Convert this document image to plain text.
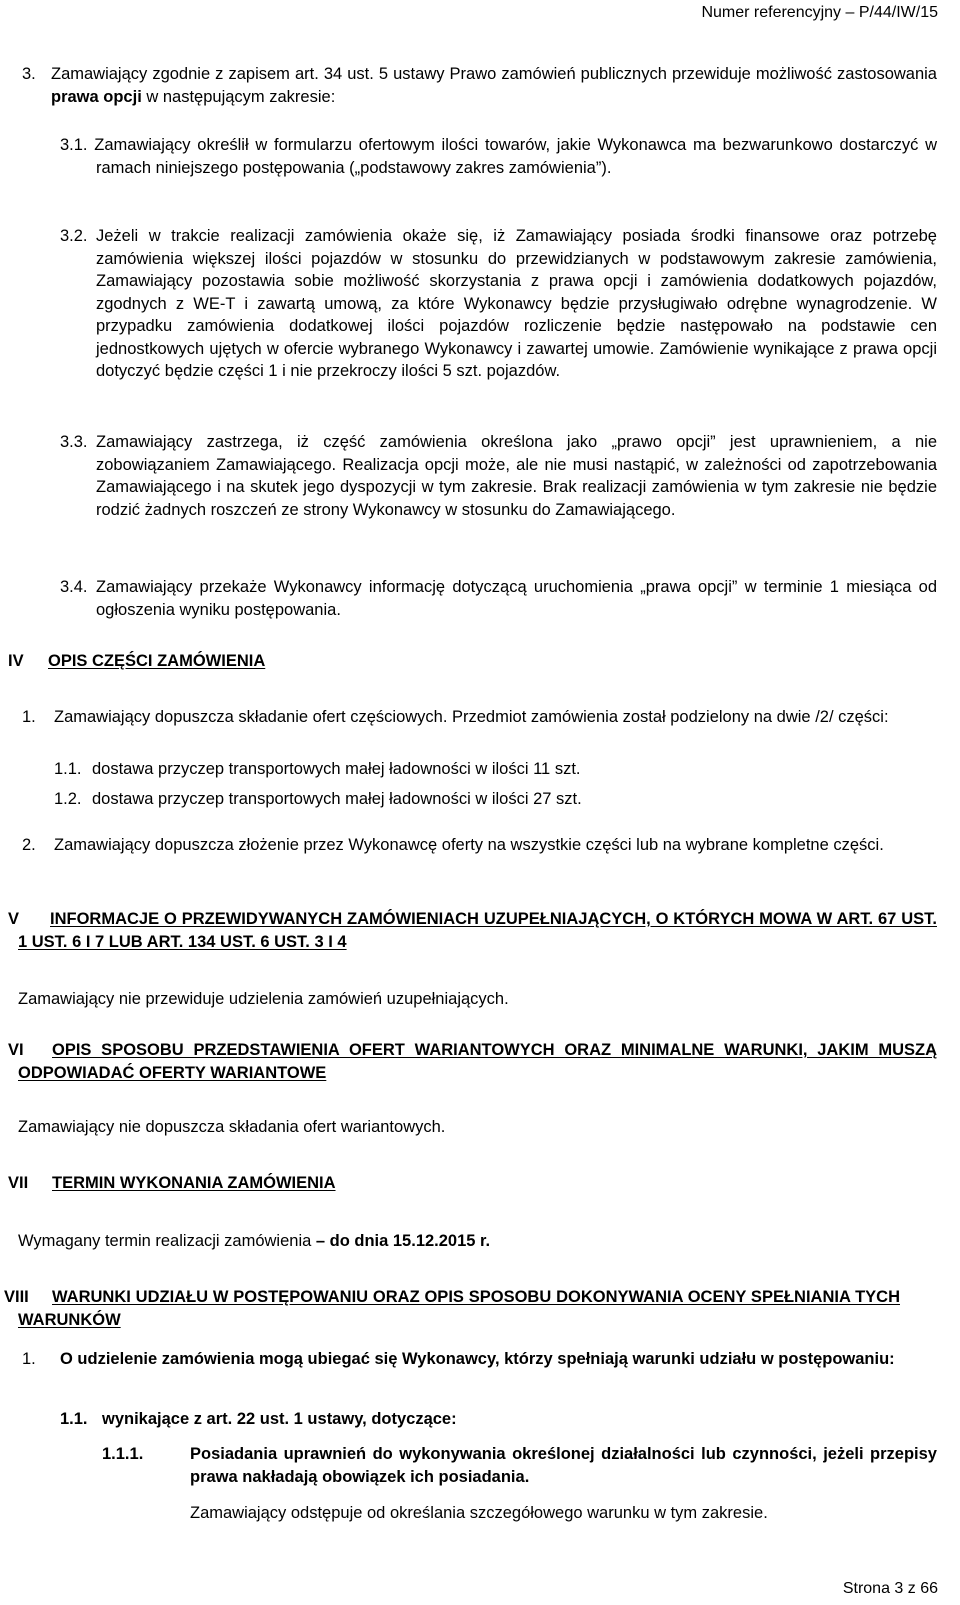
Numer referencyjny – P/44/IW/15
3. Zamawiający zgodnie z zapisem art. 34 ust. 5 ustawy Prawo zamówień publicznych przewiduje możliwość zastosowania prawa opcji w następującym zakresie:
3.1. Zamawiający określił w formularzu ofertowym ilości towarów, jakie Wykonawca ma bezwarunkowo dostarczyć w ramach niniejszego postępowania („podstawowy zakres zamówienia”).
3.2. Jeżeli w trakcie realizacji zamówienia okaże się, iż Zamawiający posiada środki finansowe oraz potrzebę zamówienia większej ilości pojazdów w stosunku do przewidzianych w podstawowym zakresie zamówienia, Zamawiający pozostawia sobie możliwość skorzystania z prawa opcji i zamówienia dodatkowych pojazdów, zgodnych z WE-T i zawartą umową, za które Wykonawcy będzie przysługiwało odrębne wynagrodzenie. W przypadku zamówienia dodatkowej ilości pojazdów rozliczenie będzie następowało na podstawie cen jednostkowych ujętych w ofercie wybranego Wykonawcy i zawartej umowie. Zamówienie wynikające z prawa opcji dotyczyć będzie części 1 i nie przekroczy ilości 5 szt. pojazdów.
3.3. Zamawiający zastrzega, iż część zamówienia określona jako „prawo opcji” jest uprawnieniem, a nie zobowiązaniem Zamawiającego. Realizacja opcji może, ale nie musi nastąpić, w zależności od zapotrzebowania Zamawiającego i na skutek jego dyspozycji w tym zakresie. Brak realizacji zamówienia w tym zakresie nie będzie rodzić żadnych roszczeń ze strony Wykonawcy w stosunku do Zamawiającego.
3.4. Zamawiający przekaże Wykonawcy informację dotyczącą uruchomienia „prawa opcji” w terminie 1 miesiąca od ogłoszenia wyniku postępowania.
IV OPIS CZĘŚCI ZAMÓWIENIA
1. Zamawiający dopuszcza składanie ofert częściowych. Przedmiot zamówienia został podzielony na dwie /2/ części:
1.1. dostawa przyczep transportowych małej ładowności w ilości 11 szt.
1.2. dostawa przyczep transportowych małej ładowności w ilości 27 szt.
2. Zamawiający dopuszcza złożenie przez Wykonawcę oferty na wszystkie części lub na wybrane kompletne części.
V	INFORMACJE O PRZEWIDYWANYCH ZAMÓWIENIACH UZUPEŁNIAJĄCYCH, O KTÓRYCH MOWA W ART. 67 UST. 1 UST. 6 I 7 LUB ART. 134 UST. 6 UST. 3 I 4
Zamawiający nie przewiduje udzielenia zamówień uzupełniających.
VI	OPIS SPOSOBU PRZEDSTAWIENIA OFERT WARIANTOWYCH ORAZ MINIMALNE WARUNKI, JAKIM MUSZĄ ODPOWIADAĆ OFERTY WARIANTOWE
Zamawiający nie dopuszcza składania ofert wariantowych.
VII TERMIN WYKONANIA ZAMÓWIENIA
Wymagany termin realizacji zamówienia – do dnia 15.12.2015 r.
VIII	WARUNKI UDZIAŁU W POSTĘPOWANIU ORAZ OPIS SPOSOBU DOKONYWANIA OCENY SPEŁNIANIA TYCH WARUNKÓW
1. O udzielenie zamówienia mogą ubiegać się Wykonawcy, którzy spełniają warunki udziału w postępowaniu:
1.1. wynikające z art. 22 ust. 1 ustawy, dotyczące:
1.1.1.	Posiadania uprawnień do wykonywania określonej działalności lub czynności, jeżeli przepisy prawa nakładają obowiązek ich posiadania.
Zamawiający odstępuje od określania szczegółowego warunku w tym zakresie.
Strona 3 z 66
